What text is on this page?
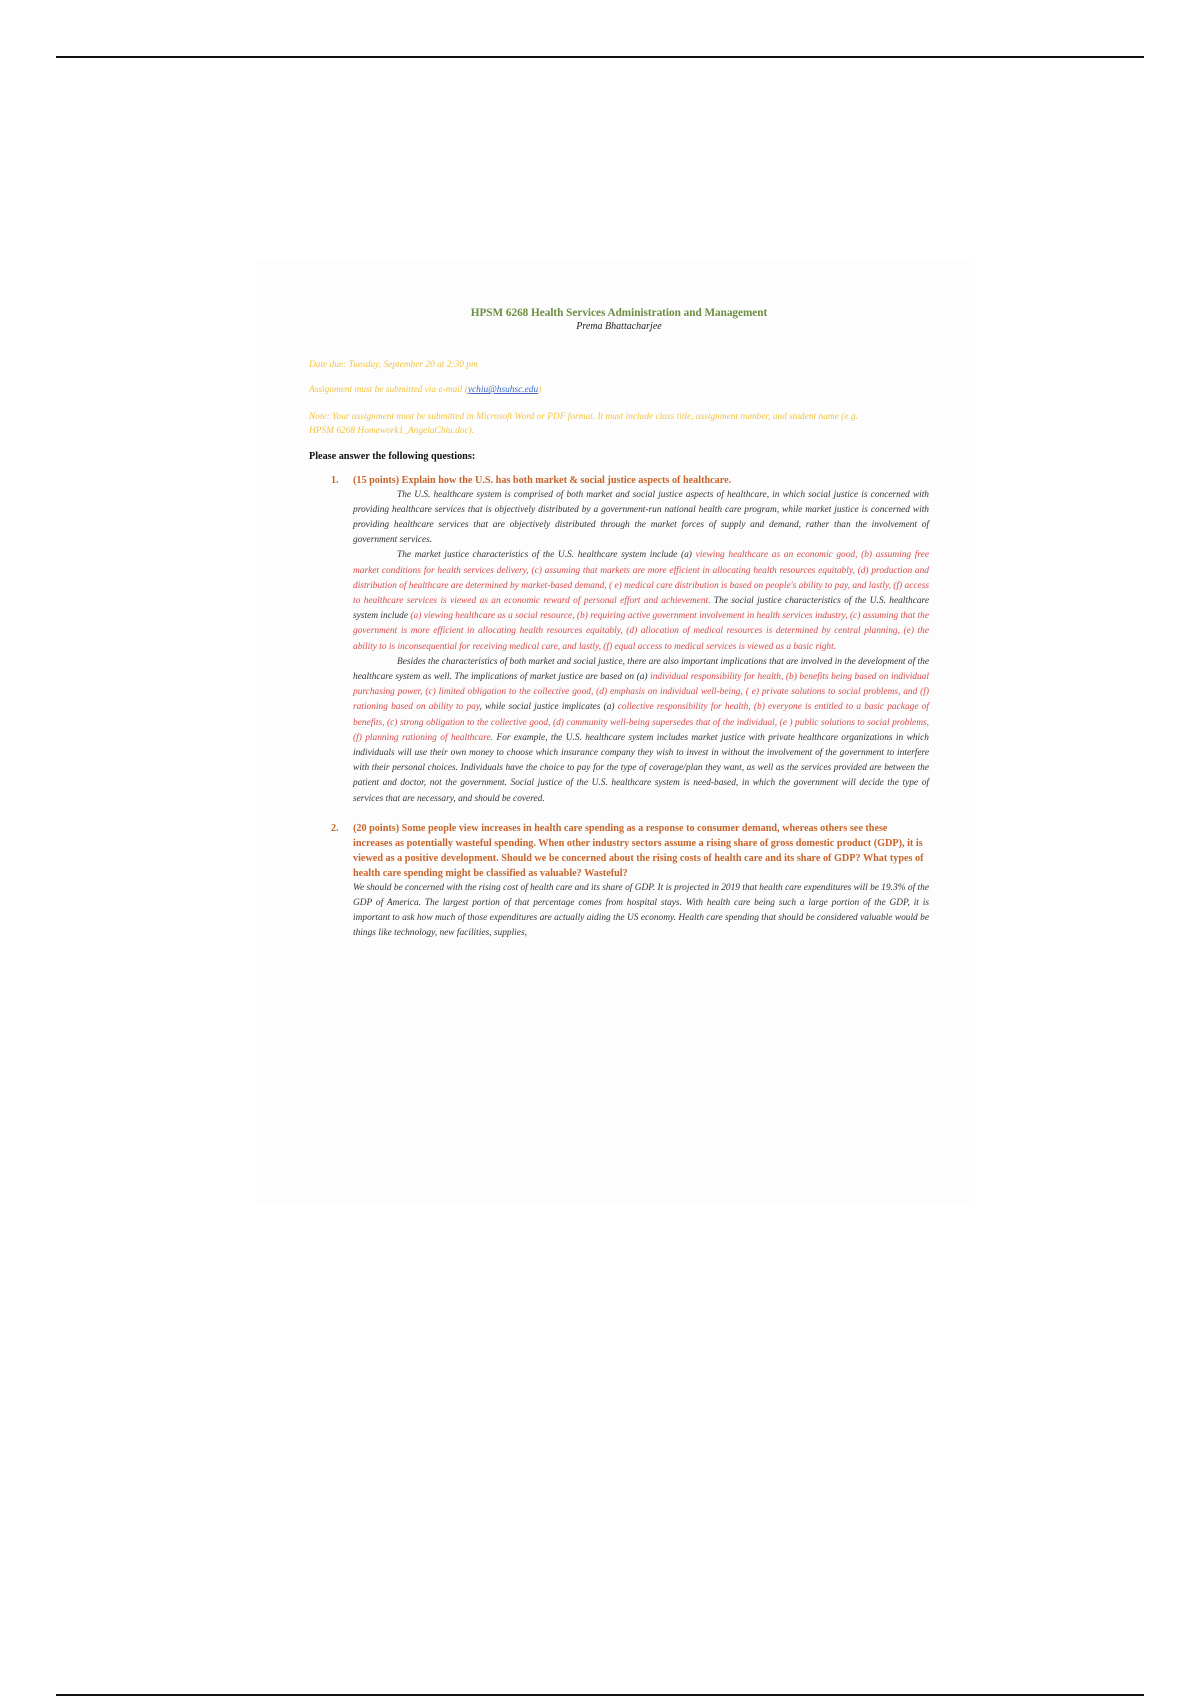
HPSM 6268 Health Services Administration and Management
Prema Bhattacharjee
Date due: Tuesday, September 20 at 2:30 pm
Assignment must be submitted via e-mail (ychiu@hsuhsc.edu)
Note: Your assignment must be submitted in Microsoft Word or PDF format. It must include class title, assignment number, and student name (e.g. HPSM 6268 Homework1_AngelaChiu.doc).
Please answer the following questions:
1. (15 points) Explain how the U.S. has both market & social justice aspects of healthcare.
The U.S. healthcare system is comprised of both market and social justice aspects of healthcare, in which social justice is concerned with providing healthcare services that is objectively distributed by a government-run national health care program, while market justice is concerned with providing healthcare services that are objectively distributed through the market forces of supply and demand, rather than the involvement of government services.
The market justice characteristics of the U.S. healthcare system include (a) viewing healthcare as an economic good, (b) assuming free market conditions for health services delivery, (c) assuming that markets are more efficient in allocating health resources equitably, (d) production and distribution of healthcare are determined by market-based demand, ( e) medical care distribution is based on people's ability to pay, and lastly, (f) access to healthcare services is viewed as an economic reward of personal effort and achievement. The social justice characteristics of the U.S. healthcare system include (a) viewing healthcare as a social resource, (b) requiring active government involvement in health services industry, (c) assuming that the government is more efficient in allocating health resources equitably, (d) allocation of medical resources is determined by central planning, (e) the ability to is inconsequential for receiving medical care, and lastly, (f) equal access to medical services is viewed as a basic right.
Besides the characteristics of both market and social justice, there are also important implications that are involved in the development of the healthcare system as well. The implications of market justice are based on (a) individual responsibility for health, (b) benefits being based on individual purchasing power, (c) limited obligation to the collective good, (d) emphasis on individual well-being, ( e) private solutions to social problems, and (f) rationing based on ability to pay, while social justice implicates (a) collective responsibility for health, (b) everyone is entitled to a basic package of benefits, (c) strong obligation to the collective good, (d) community well-being supersedes that of the individual, (e ) public solutions to social problems, (f) planning rationing of healthcare. For example, the U.S. healthcare system includes market justice with private healthcare organizations in which individuals will use their own money to choose which insurance company they wish to invest in without the involvement of the government to interfere with their personal choices. Individuals have the choice to pay for the type of coverage/plan they want, as well as the services provided are between the patient and doctor, not the government. Social justice of the U.S. healthcare system is need-based, in which the government will decide the type of services that are necessary, and should be covered.
2. (20 points) Some people view increases in health care spending as a response to consumer demand, whereas others see these increases as potentially wasteful spending. When other industry sectors assume a rising share of gross domestic product (GDP), it is viewed as a positive development. Should we be concerned about the rising costs of health care and its share of GDP? What types of health care spending might be classified as valuable? Wasteful?
We should be concerned with the rising cost of health care and its share of GDP. It is projected in 2019 that health care expenditures will be 19.3% of the GDP of America. The largest portion of that percentage comes from hospital stays. With health care being such a large portion of the GDP, it is important to ask how much of those expenditures are actually aiding the US economy. Health care spending that should be considered valuable would be things like technology, new facilities, supplies,
